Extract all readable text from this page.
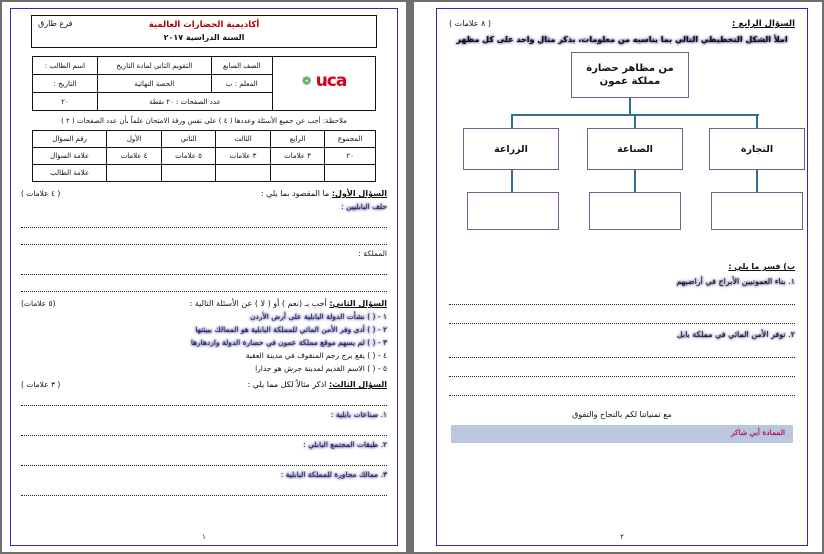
فرع طارق	أكاديمية الحضارات العالمية
السنة الدراسية ٢٠١٧
uca
❁	الصف السابع	التقويم الثاني لمادة التاريخ	اسم الطالب :
	المعلم : ب	الحصة النهائية	التاريخ :
	عدد الصفحات : ٢٠ نقطة		٢٠
ملاحظة: أجب عن جميع الأسئلة وعددها ( ٤ ) على نفس ورقة الامتحان علماً بأن عدد الصفحات ( ٢ )
المجموع	الرابع	الثالث	الثاني	الأول	رقم السؤال
٢٠	٣ علامات	٣ علامات	٥ علامات	٤ علامات	علامة السؤال
					علامة الطالب
السؤال الأول: ما المقصود بما يلي :
( ٤ علامات )
حلف البابليين :
المملكة :
السؤال الثاني: أجب بـ (نعم ) أو ( لا ) عن الأسئلة التالية :
(٥ علامات)
١ - ( ) نشأت الدولة البابلية على أرض الأردن
٢ - ( ) أدى وفر الأمن المائي للمملكة البابلية هو الممالك ببيئتها
٣ - ( ) لم يسهم موقع مملكة عمون في حضارة الدولة وازدهارها
٤ - ( ) يقع برج رجم المنقوف في مدينة العقبة
٥ - ( ) الاسم القديم لمدينة جرش هو جدارا
السؤال الثالث: اذكر مثالاً لكل مما يلي :
( ٣ علامات )
١. صناعات بابلية :
٢. طبقات المجتمع البابلي :
٣. ممالك مجاورة للمملكة البابلية :
١
السؤال الرابع :
( ٨ علامات )
املأ الشكل التخطيطي التالي بما يناسبه من معلومات، بذكر مثال واحد على كل مظهر
من مظاهر حضارة مملكة عمون
التجارة
الصناعة
الزراعة
ب) فسر ما يلي :
١. بناء العمونيين الأبراج في أراضيهم
٢. توفر الأمن المائي في مملكة بابل
مع تمنياتنا لكم بالنجاح والتفوق
الممادة أبي شاكر
٢
